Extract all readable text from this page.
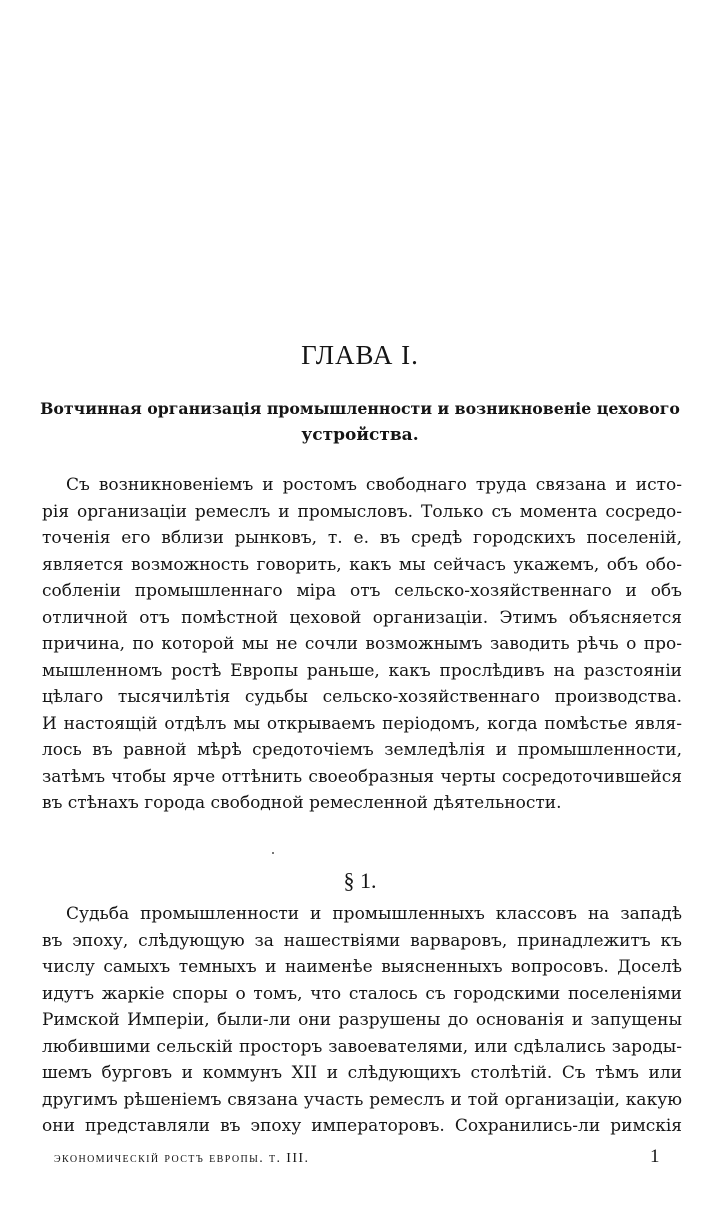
ГЛАВА I.
Вотчинная организація промышленности и возникновеніе цехового
устройства.
Съ возникновеніемъ и ростомъ свободнаго труда связана и исто-
рія организаціи ремеслъ и промысловъ. Только съ момента сосредо-
точенія его вблизи рынковъ, т. е. въ средѣ городскихъ поселеній,
является возможность говорить, какъ мы сейчасъ укажемъ, объ обо-
собленіи промышленнаго міра отъ сельско-хозяйственнаго и объ
отличной отъ помѣстной цеховой организаціи. Этимъ объясняется
причина, по которой мы не сочли возможнымъ заводить рѣчь о про-
мышленномъ ростѣ Европы раньше, какъ прослѣдивъ на разстояніи
цѣлаго тысячилѣтія судьбы сельско-хозяйственнаго производства.
И настоящій отдѣлъ мы открываемъ періодомъ, когда помѣстье явля-
лось въ равной мѣрѣ средоточіемъ земледѣлія и промышленности,
затѣмъ чтобы ярче оттѣнить своеобразныя черты сосредоточившейся
въ стѣнахъ города свободной ремесленной дѣятельности.
§ 1.
Судьба промышленности и промышленныхъ классовъ на западѣ
въ эпоху, слѣдующую за нашествіями варваровъ, принадлежитъ къ
числу самыхъ темныхъ и наименѣе выясненныхъ вопросовъ. Доселѣ
идутъ жаркіе споры о томъ, что сталось съ городскими поселеніями
Римской Имперіи, были-ли они разрушены до основанія и запущены
любившими сельскій просторъ завоевателями, или сдѣлались зароды-
шемъ бурговъ и коммунъ XII и слѣдующихъ столѣтій. Съ тѣмъ или
другимъ рѣшеніемъ связана участь ремеслъ и той организаціи, какую
они представляли въ эпоху императоровъ. Сохранились-ли римскія
экономическій ростъ европы. т. III.	1
